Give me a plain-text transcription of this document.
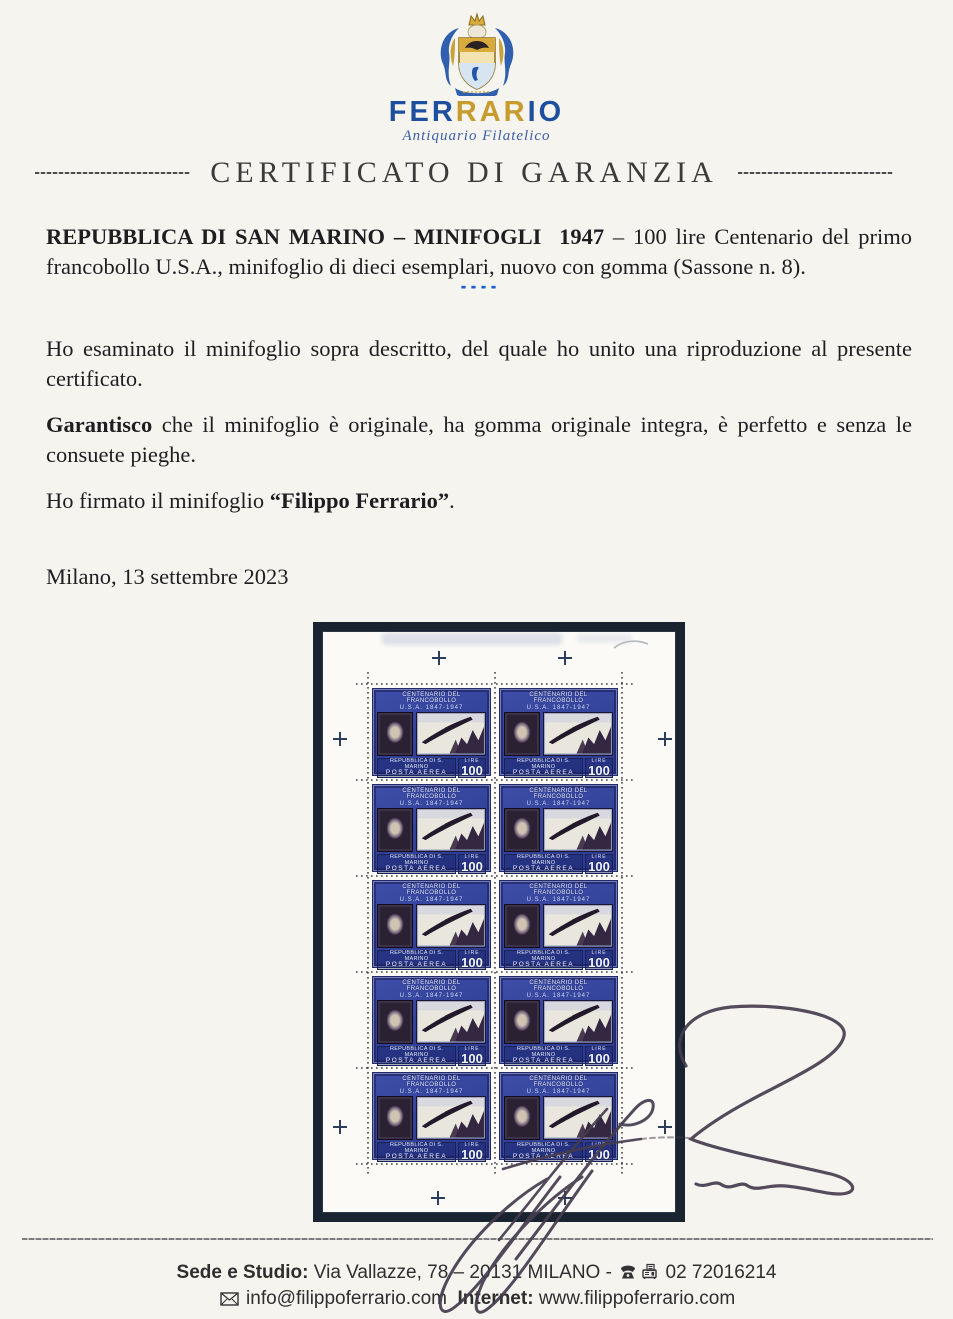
FERRARIO
Antiquario Filatelico
CERTIFICATO DI GARANZIA
REPUBBLICA DI SAN MARINO – MINIFOGLI  1947 – 100 lire Centenario del primo francobollo U.S.A., minifoglio di dieci esemplari, nuovo con gomma (Sassone n. 8).
----
Ho esaminato il minifoglio sopra descritto, del quale ho unito una riproduzione al presente certificato.
Garantisco che il minifoglio è originale, ha gomma originale integra, è perfetto e senza le consuete pieghe.
Ho firmato il minifoglio “Filippo Ferrario”.
Milano, 13 settembre 2023
CENTENARIO DEL FRANCOBOLLO
U.S.A. 1847-1947
REPUBBLICA DI S. MARINO
POSTA AEREA
LIRE
100
CENTENARIO DEL FRANCOBOLLO
U.S.A. 1847-1947
REPUBBLICA DI S. MARINO
POSTA AEREA
LIRE
100
CENTENARIO DEL FRANCOBOLLO
U.S.A. 1847-1947
REPUBBLICA DI S. MARINO
POSTA AEREA
LIRE
100
CENTENARIO DEL FRANCOBOLLO
U.S.A. 1847-1947
REPUBBLICA DI S. MARINO
POSTA AEREA
LIRE
100
CENTENARIO DEL FRANCOBOLLO
U.S.A. 1847-1947
REPUBBLICA DI S. MARINO
POSTA AEREA
LIRE
100
CENTENARIO DEL FRANCOBOLLO
U.S.A. 1847-1947
REPUBBLICA DI S. MARINO
POSTA AEREA
LIRE
100
CENTENARIO DEL FRANCOBOLLO
U.S.A. 1847-1947
REPUBBLICA DI S. MARINO
POSTA AEREA
LIRE
100
CENTENARIO DEL FRANCOBOLLO
U.S.A. 1847-1947
REPUBBLICA DI S. MARINO
POSTA AEREA
LIRE
100
CENTENARIO DEL FRANCOBOLLO
U.S.A. 1847-1947
REPUBBLICA DI S. MARINO
POSTA AEREA
LIRE
100
CENTENARIO DEL FRANCOBOLLO
U.S.A. 1847-1947
REPUBBLICA DI S. MARINO
POSTA AEREA
LIRE
100
Sede e Studio: Via Vallazze, 78 – 20131 MILANO -	02 72016214
info@filippoferrario.com Internet: www.filippoferrario.com
